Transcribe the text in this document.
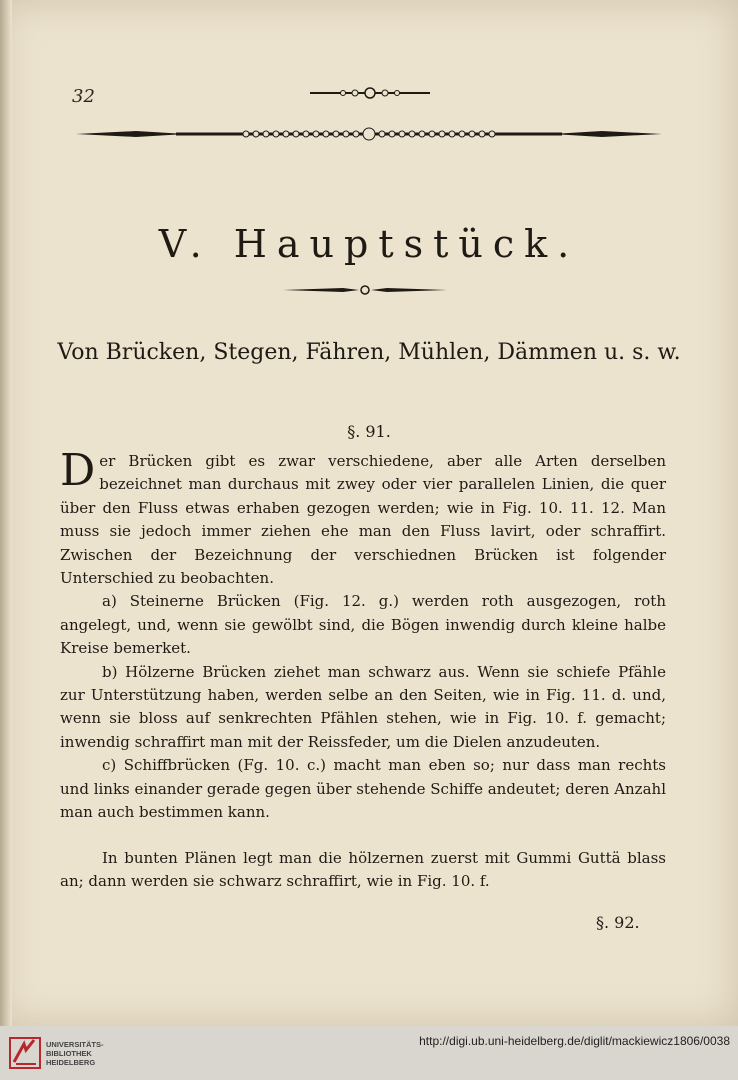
32
V. Hauptstück.
Von Brücken, Stegen, Fähren, Mühlen, Dämmen u. s. w.
§. 91.

Der Brücken gibt es zwar verschiedene, aber alle Arten derselben bezeichnet man durchaus mit zwey oder vier parallelen Linien, die quer über den Fluss etwas erhaben gezogen werden; wie in Fig. 10. 11. 12. Man muss sie jedoch immer ziehen ehe man den Fluss lavirt, oder schraffirt. Zwischen der Bezeichnung der verschiednen Brücken ist folgender Unterschied zu beobachten.

a) Steinerne Brücken (Fig. 12. g.) werden roth ausgezogen, roth angelegt, und, wenn sie gewölbt sind, die Bögen inwendig durch kleine halbe Kreise bemerket.

b) Hölzerne Brücken ziehet man schwarz aus. Wenn sie schiefe Pfähle zur Unterstützung haben, werden selbe an den Seiten, wie in Fig. 11. d. und, wenn sie bloss auf senkrechten Pfählen stehen, wie in Fig. 10. f. gemacht; inwendig schraffirt man mit der Reissfeder, um die Dielen anzudeuten.

c) Schiffbrücken (Fg. 10. c.) macht man eben so; nur dass man rechts und links einander gerade gegen über stehende Schiffe andeutet; deren Anzahl man auch bestimmen kann.

In bunten Plänen legt man die hölzernen zuerst mit Gummi Guttä blass an; dann werden sie schwarz schraffirt, wie in Fig. 10. f.

§. 92.
UNIVERSITÄTS-
BIBLIOTHEK
HEIDELBERG
http://digi.ub.uni-heidelberg.de/diglit/mackiewicz1806/0038
